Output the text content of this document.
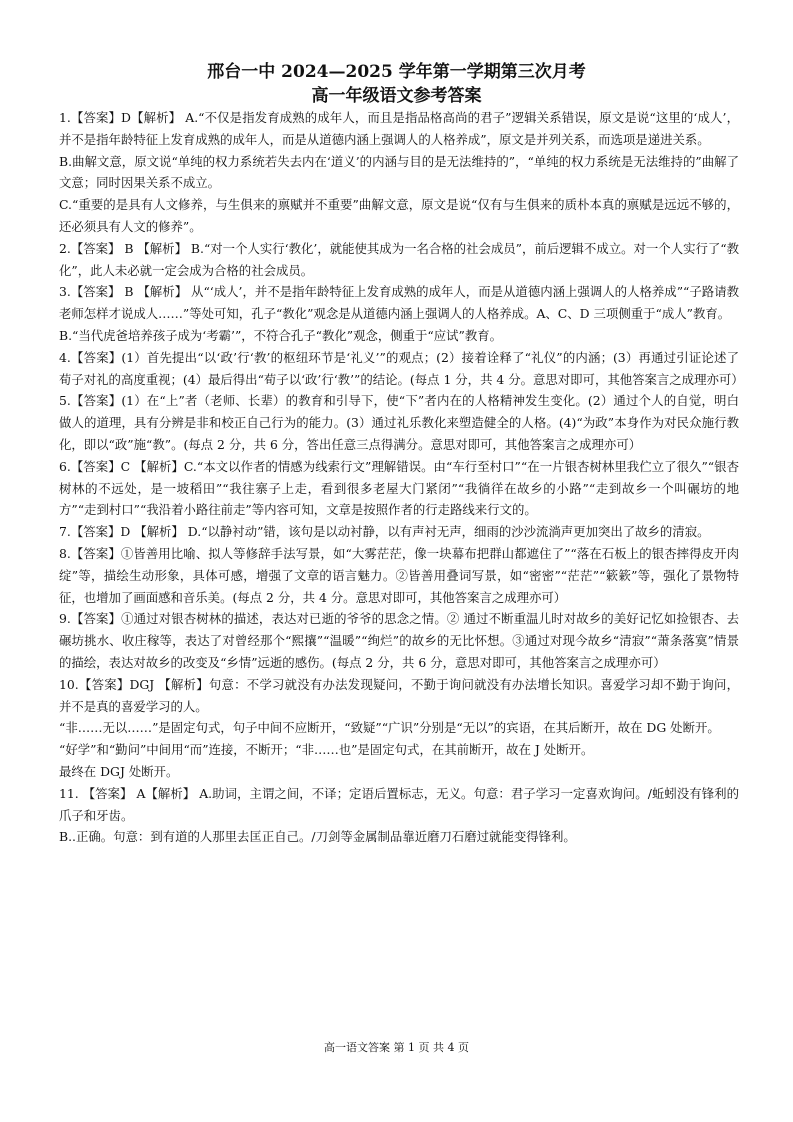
邢台一中 2024—2025 学年第一学期第三次月考
高一年级语文参考答案

1.【答案】D【解析】 A.“不仅是指发育成熟的成年人，而且是指品格高尚的君子”逻辑关系错误，原文是说“这里的‘成人’，并不是指年龄特征上发育成熟的成年人，而是从道德内涵上强调人的人格养成”，原文是并列关系，而选项是递进关系。

B.曲解文意，原文说“单纯的权力系统若失去内在‘道义’的内涵与目的是无法维持的”，“单纯的权力系统是无法维持的”曲解了文意；同时因果关系不成立。

C.“重要的是具有人文修养，与生俱来的禀赋并不重要”曲解文意，原文是说“仅有与生俱来的质朴本真的禀赋是远远不够的，还必须具有人文的修养”。

2.【答案】 B 【解析】 B.“对一个人实行‘教化’，就能使其成为一名合格的社会成员”，前后逻辑不成立。对一个人实行了“教化”，此人未必就一定会成为合格的社会成员。

3.【答案】 B 【解析】 从“‘成人’，并不是指年龄特征上发育成熟的成年人，而是从道德内涵上强调人的人格养成”“子路请教老师怎样才说成人……”等处可知，孔子“教化”观念是从道德内涵上强调人的人格养成。A、C、D 三项侧重于“成人”教育。

B.“当代虎爸培养孩子成为‘考霸’”，不符合孔子“教化”观念，侧重于“应试”教育。

4.【答案】(1）首先提出“以‘政’行‘教’的枢纽环节是‘礼义’”的观点；(2）接着诠释了“礼仪”的内涵；(3）再通过引证论述了荀子对礼的高度重视；(4）最后得出“荀子以‘政’行‘教’”的结论。(每点 1 分，共 4 分。意思对即可，其他答案言之成理亦可）

5.【答案】(1）在“上”者（老师、长辈）的教育和引导下，使“下”者内在的人格精神发生变化。(2）通过个人的自觉，明白做人的道理，具有分辨是非和校正自己行为的能力。(3）通过礼乐教化来塑造健全的人格。(4)“为政”本身作为对民众施行教化，即以“政”施“教”。(每点 2 分，共 6 分，答出任意三点得满分。意思对即可，其他答案言之成理亦可）

6.【答案】C 【解析】C.“本文以作者的情感为线索行文”理解错误。由“车行至村口”“在一片银杏树林里我伫立了很久”“银杏树林的不远处，是一坡稻田”“我往寨子上走，看到很多老屋大门紧闭”“我徜徉在故乡的小路”“走到故乡一个叫碾坊的地方”“走到村口”“我沿着小路往前走”等内容可知，文章是按照作者的行走路线来行文的。

7.【答案】D 【解析】 D.“以静衬动”错，该句是以动衬静，以有声衬无声，细雨的沙沙流淌声更加突出了故乡的清寂。

8.【答案】①皆善用比喻、拟人等修辞手法写景，如“大雾茫茫，像一块幕布把群山都遮住了”“落在石板上的银杏摔得皮开肉绽”等，描绘生动形象，具体可感，增强了文章的语言魅力。②皆善用叠词写景，如“密密”“茫茫”“簌簌”等，强化了景物特征，也增加了画面感和音乐美。(每点 2 分，共 4 分。意思对即可，其他答案言之成理亦可）

9.【答案】①通过对银杏树林的描述，表达对已逝的爷爷的思念之情。② 通过不断重温儿时对故乡的美好记忆如捡银杏、去碾坊挑水、收庄稼等，表达了对曾经那个“熙攘”“温暖”“绚烂”的故乡的无比怀想。③通过对现今故乡“清寂”“萧条落寞”情景的描绘，表达对故乡的改变及“乡情”远逝的感伤。(每点 2 分，共 6 分，意思对即可，其他答案言之成理亦可）

10.【答案】DGJ 【解析】句意：不学习就没有办法发现疑问，不勤于询问就没有办法增长知识。喜爱学习却不勤于询问，并不是真的喜爱学习的人。

“非……无以……”是固定句式，句子中间不应断开，“致疑”“广识”分别是“无以”的宾语，在其后断开，故在 DG 处断开。

“好学”和“勤问”中间用“而”连接，不断开；“非……也”是固定句式，在其前断开，故在 J 处断开。

最终在 DGJ 处断开。

11. 【答案】 A【解析】 A.助词，主谓之间，不译；定语后置标志，无义。句意：君子学习一定喜欢询问。/蚯蚓没有锋利的爪子和牙齿。

B..正确。句意：到有道的人那里去匡正自己。/刀剑等金属制品靠近磨刀石磨过就能变得锋利。

高一语文答案 第 1 页 共 4 页
